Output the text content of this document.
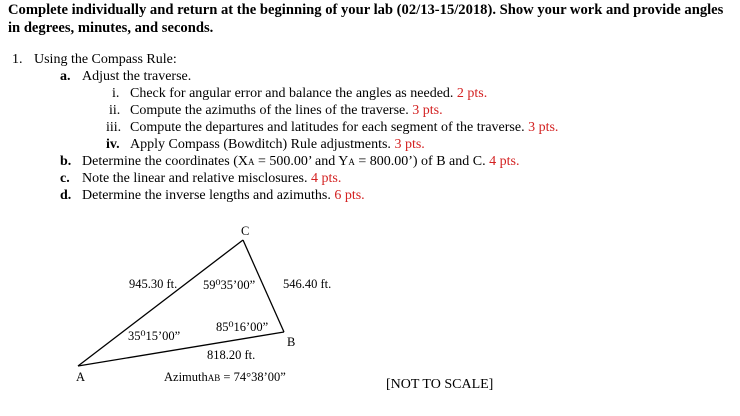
Complete individually and return at the beginning of your lab (02/13-15/2018). Show your work and provide angles
in degrees, minutes, and seconds.
1. Using the Compass Rule:
a. Adjust the traverse.
i. Check for angular error and balance the angles as needed. 2 pts.
ii. Compute the azimuths of the lines of the traverse. 3 pts.
iii. Compute the departures and latitudes for each segment of the traverse. 3 pts.
iv. Apply Compass (Bowditch) Rule adjustments. 3 pts.
b. Determine the coordinates (XA = 500.00’ and YA = 800.00’) of B and C. 4 pts.
c. Note the linear and relative misclosures. 4 pts.
d. Determine the inverse lengths and azimuths. 6 pts.
C
B
A
945.30 ft. 59⁰35’00” 546.40 ft.
85⁰16’00”
35⁰15’00”
818.20 ft.
AzimuthAB = 74°38’00”	[NOT TO SCALE]
